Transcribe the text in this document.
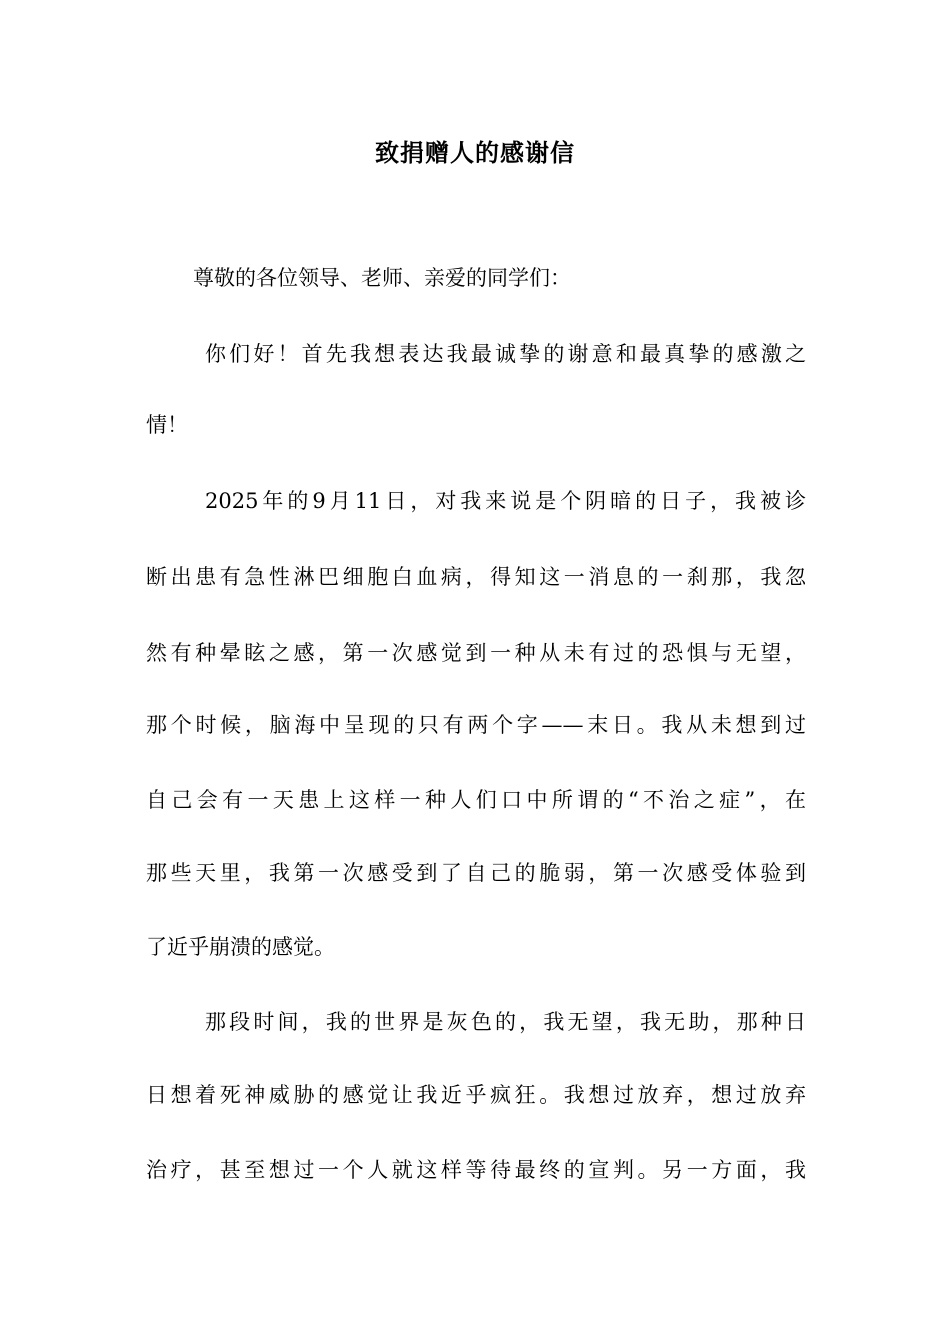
致捐赠人的感谢信
尊敬的各位领导、老师、亲爱的同学们：
你们好！首先我想表达我最诚挚的谢意和最真挚的感激之
情！
2025年的9月11日，对我来说是个阴暗的日子，我被诊
断出患有急性淋巴细胞白血病，得知这一消息的一刹那，我忽
然有种晕眩之感，第一次感觉到一种从未有过的恐惧与无望，
那个时候，脑海中呈现的只有两个字——末日。我从未想到过
自己会有一天患上这样一种人们口中所谓的“不治之症”，在
那些天里，我第一次感受到了自己的脆弱，第一次感受体验到
了近乎崩溃的感觉。
那段时间，我的世界是灰色的，我无望，我无助，那种日
日想着死神威胁的感觉让我近乎疯狂。我想过放弃，想过放弃
治疗，甚至想过一个人就这样等待最终的宣判。另一方面，我
